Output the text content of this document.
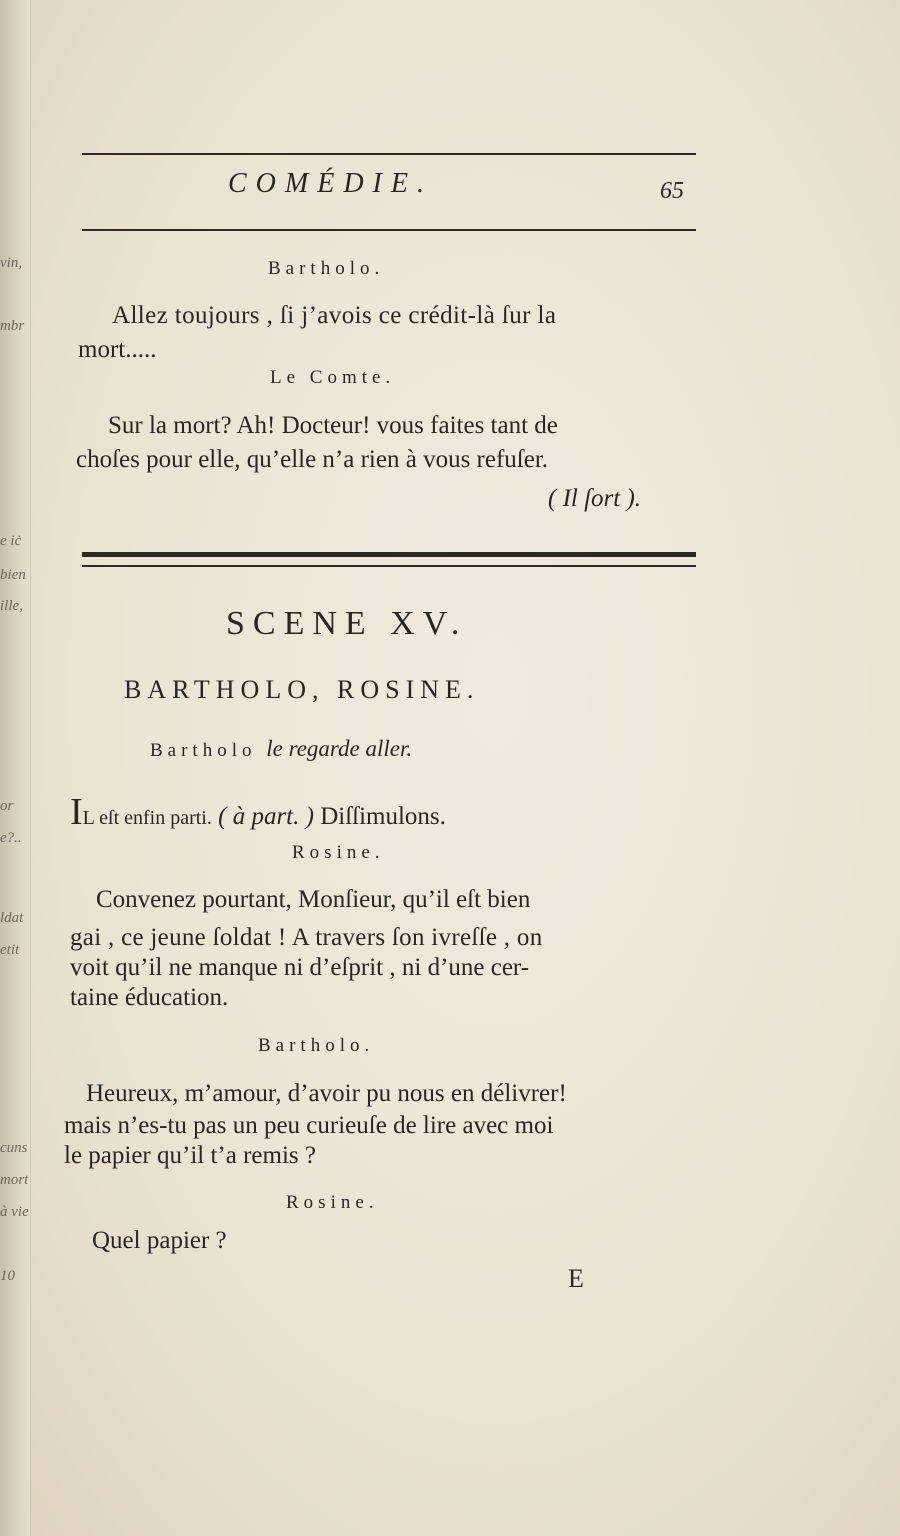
vin,
mbr
e iċ
bien
ille,
or
e?..
ldat
etit
cuns
mort
à vie
10
COMÉDIE.	65
Bartholo.
Allez toujours , ſi j’avois ce crédit-là ſur la
mort.....
Le Comte.
Sur la mort? Ah! Docteur! vous faites tant de
choſes pour elle, qu’elle n’a rien à vous refuſer.
( Il ſort ).
SCENE XV.
BARTHOLO, ROSINE.
Bartholo le regarde aller.
IL eſt enfin parti. ( à part. ) Diſſimulons.
Rosine.
Convenez pourtant, Monſieur, qu’il eſt bien
gai , ce jeune ſoldat ! A travers ſon ivreſſe , on
voit qu’il ne manque ni d’eſprit , ni d’une cer-
taine éducation.
Bartholo.
Heureux, m’amour, d’avoir pu nous en délivrer!
mais n’es-tu pas un peu curieuſe de lire avec moi
le papier qu’il t’a remis ?
Rosine.
Quel papier ?
E
